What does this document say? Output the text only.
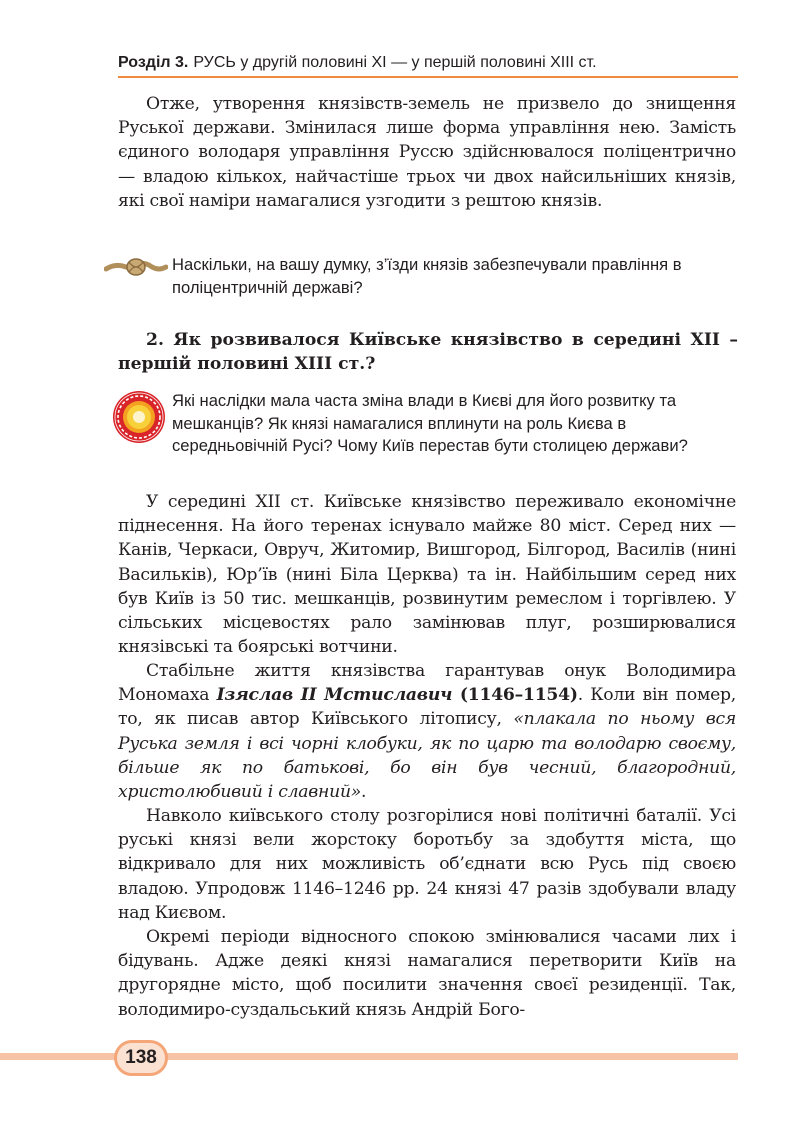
Розділ 3. РУСЬ у другій половині XI — у першій половині XIII ст.

Отже, утворення князівств-земель не призвело до знищення Руської держави. Змінилася лише форма управління нею. Замість єдиного володаря управління Руссю здійснювалося поліцентрично — владою кількох, найчастіше трьох чи двох найсильніших князів, які свої наміри намагалися узгодити з рештою князів.

Наскільки, на вашу думку, з’їзди князів забезпечували правління в поліцентричній державі?

2. Як розвивалося Київське князівство в середині XII – першій половині XIII ст.?

Які наслідки мала часта зміна влади в Києві для його розвитку та мешканців? Як князі намагалися вплинути на роль Києва в середньовічній Русі? Чому Київ перестав бути столицею держави?

У середині XII ст. Київське князівство переживало економічне піднесення. На його теренах існувало майже 80 міст. Серед них — Канів, Черкаси, Овруч, Житомир, Вишгород, Білгород, Василів (нині Васильків), Юр’їв (нині Біла Церква) та ін. Найбільшим серед них був Київ із 50 тис. мешканців, розвинутим ремеслом і торгівлею. У сільських місцевостях рало замінював плуг, розширювалися князівські та боярські вотчини.

Стабільне життя князівства гарантував онук Володимира Мономаха Ізяслав II Мстиславич (1146–1154). Коли він помер, то, як писав автор Київського літопису, «плакала по ньому вся Руська земля і всі чорні клобуки, як по царю та володарю своєму, більше як по батькові, бо він був чесний, благородний, христолюбивий і славний».

Навколо київського столу розгорілися нові політичні баталії. Усі руські князі вели жорстоку боротьбу за здобуття міста, що відкривало для них можливість об’єднати всю Русь під своєю владою. Упродовж 1146–1246 рр. 24 князі 47 разів здобували владу над Києвом.

Окремі періоди відносного спокою змінювалися часами лих і бідувань. Адже деякі князі намагалися перетворити Київ на другорядне місто, щоб посилити значення своєї резиденції. Так, володимиро-суздальський князь Андрій Бого-

138
